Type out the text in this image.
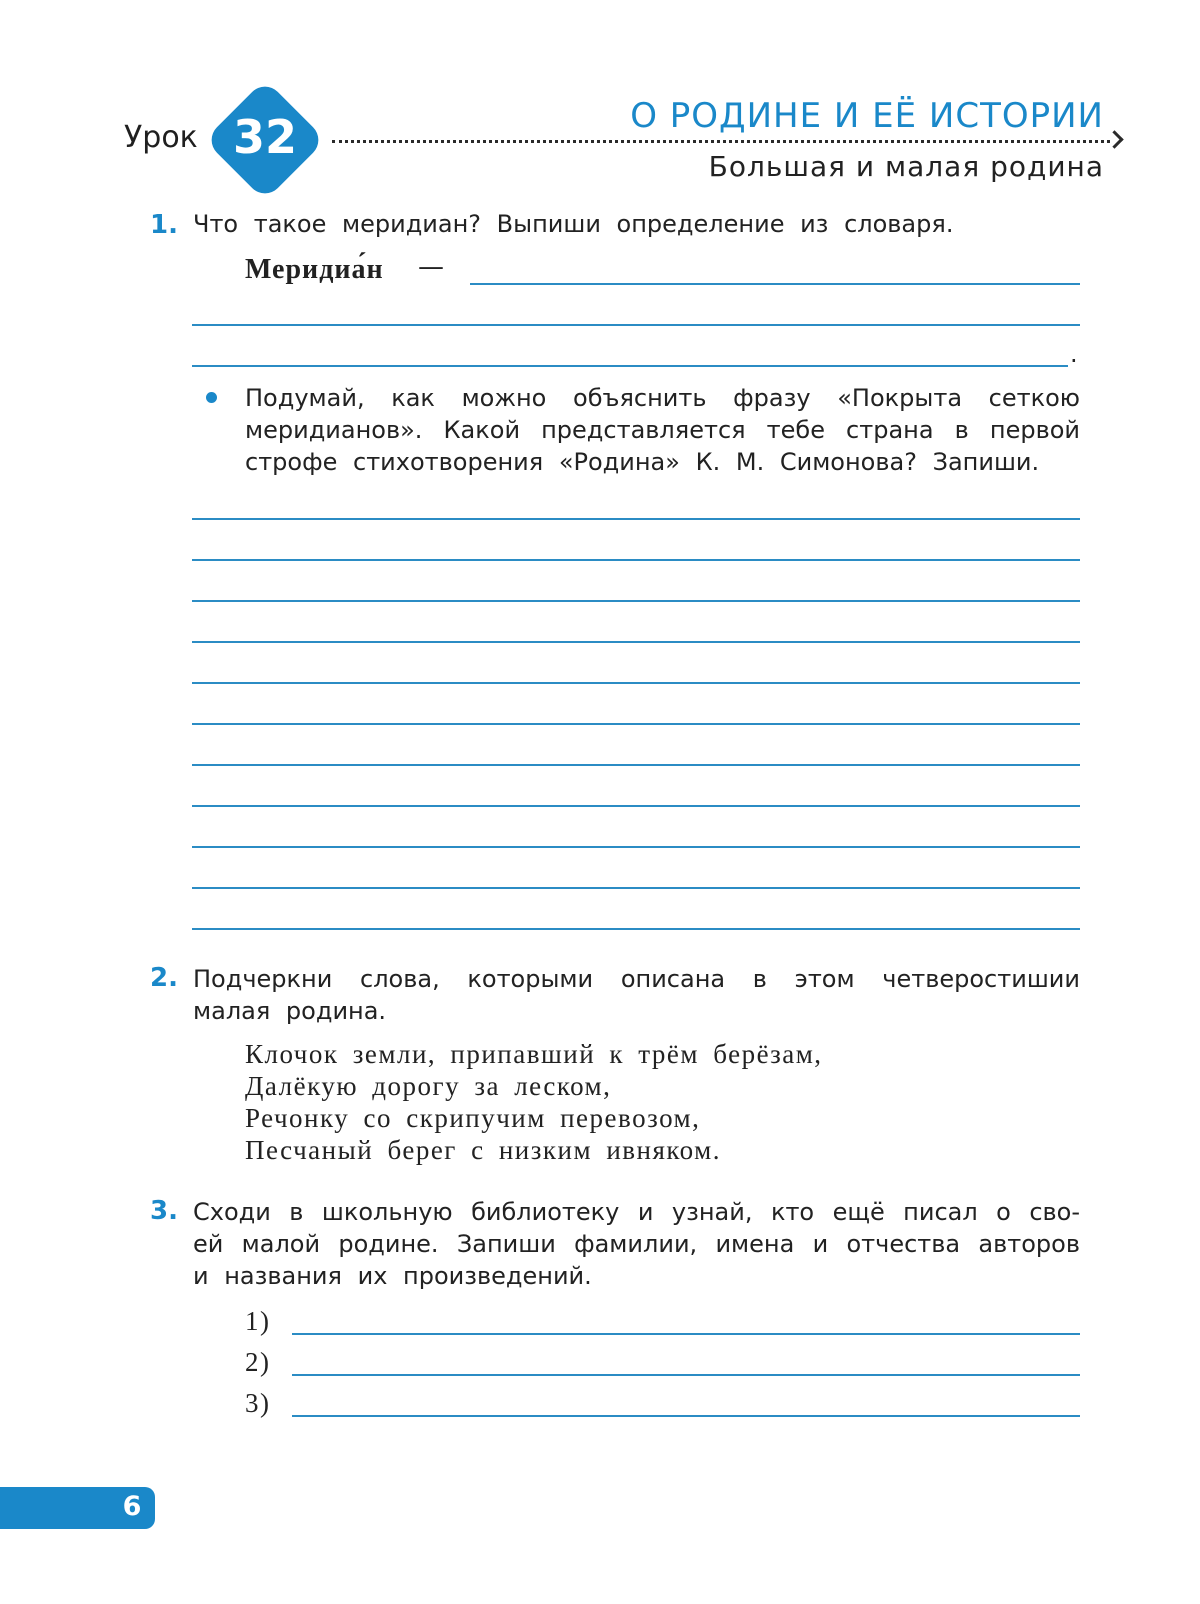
Урок 32	О РОДИНЕ И ЕЁ ИСТОРИИ
Большая и малая родина
1. Что такое меридиан? Выпиши определение из словаря.
Меридиа́н —
.
Подумай, как можно объяснить фразу «Покрыта сеткою
меридианов». Какой представляется тебе страна в первой
строфе стихотворения «Родина» К. М. Симонова? Запиши.
2. Подчеркни слова, которыми описана в этом четверостишии
малая родина.
Клочок земли, припавший к трём берёзам,
Далёкую дорогу за леском,
Речонку со скрипучим перевозом,
Песчаный берег с низким ивняком.
3. Сходи в школьную библиотеку и узнай, кто ещё писал о сво-
ей малой родине. Запиши фамилии, имена и отчества авторов
и названия их произведений.
1)
2)
3)
6
